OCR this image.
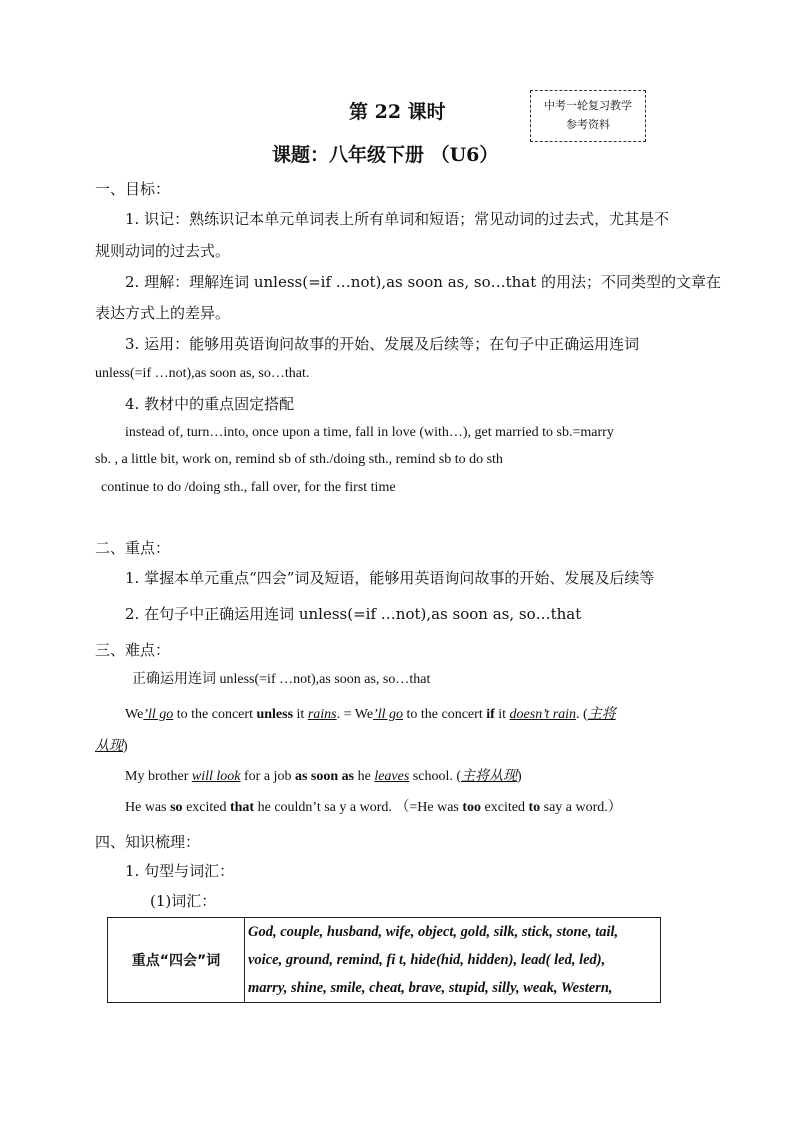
第 22 课时
课题：八年级下册 （U6）
中考一轮复习教学
参考资料
一、目标：
1. 识记：熟练识记本单元单词表上所有单词和短语；常见动词的过去式，尤其是不
规则动词的过去式。
2. 理解：理解连词 unless(=if …not),as soon as, so…that 的用法；不同类型的文章在
表达方式上的差异。
3. 运用：能够用英语询问故事的开始、发展及后续等；在句子中正确运用连词
unless(=if …not),as soon as, so…that.
4. 教材中的重点固定搭配
instead of, turn…into, once upon a time, fall in love (with…), get married to sb.=marry
sb. , a little bit, work on, remind sb of sth./doing sth., remind sb to do sth
continue to do /doing sth., fall over, for the first time
二、重点：
1. 掌握本单元重点“四会”词及短语，能够用英语询问故事的开始、发展及后续等
2. 在句子中正确运用连词 unless(=if …not),as soon as, so…that
三、难点：
正确运用连词 unless(=if …not),as soon as, so…that
We’ll go to the concert unless it rains. = We’ll go to the concert if it doesn’t rain. (主将
从现)
My brother will look for a job as soon as he leaves school. (主将从现)
He was so excited that he couldn’t sa y a word. （=He was too excited to say a word.）
四、知识梳理：
1. 句型与词汇：
(1)词汇：
重点“四会”词	
God, couple, husband, wife, object, gold, silk, stick, stone, tail,
voice, ground, remind, fi t, hide(hid, hidden), lead( led, led),
marry, shine, smile, cheat, brave, stupid, silly, weak, Western,
